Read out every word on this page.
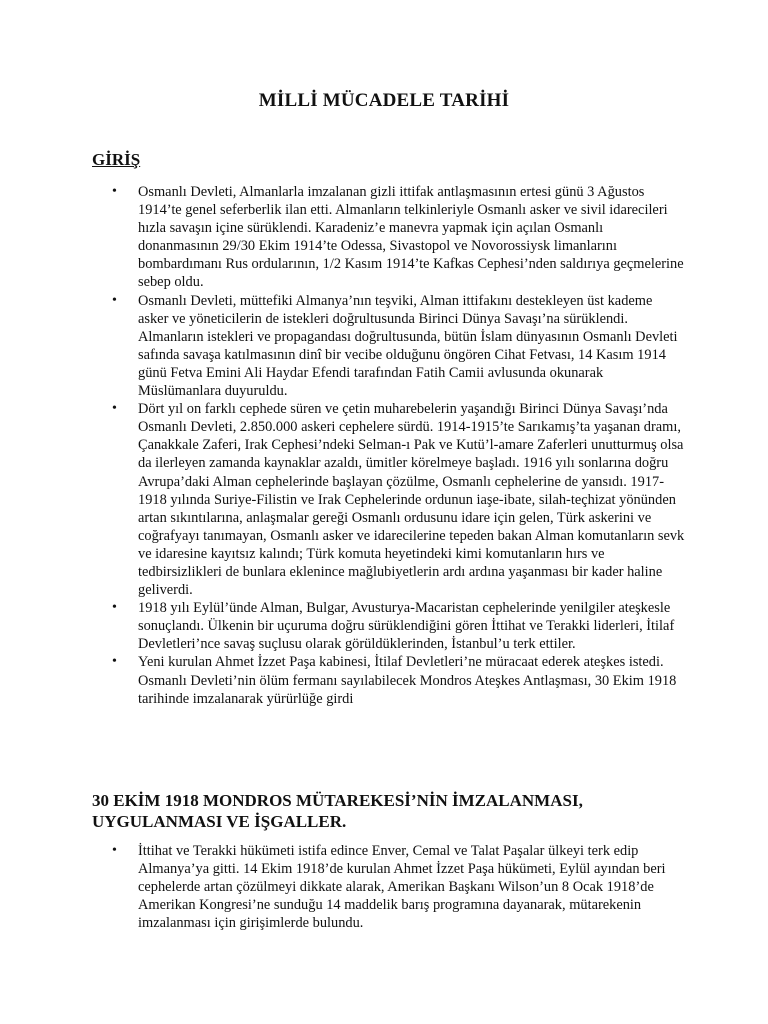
MİLLİ MÜCADELE TARİHİ
GİRİŞ
• Osmanlı Devleti, Almanlarla imzalanan gizli ittifak antlaşmasının ertesi günü 3 Ağustos 1914’te genel seferberlik ilan etti. Almanların telkinleriyle Osmanlı asker ve sivil idarecileri hızla savaşın içine sürüklendi. Karadeniz’e manevra yapmak için açılan Osmanlı donanmasının 29/30 Ekim 1914’te Odessa, Sivastopol ve Novorossiysk limanlarını bombardımanı Rus ordularının, 1/2 Kasım 1914’te Kafkas Cephesi’nden saldırıya geçmelerine sebep oldu.
• Osmanlı Devleti, müttefiki Almanya’nın teşviki, Alman ittifakını destekleyen üst kademe asker ve yöneticilerin de istekleri doğrultusunda Birinci Dünya Savaşı’na sürüklendi. Almanların istekleri ve propagandası doğrultusunda, bütün İslam dünyasının Osmanlı Devleti safında savaşa katılmasının dinî bir vecibe olduğunu öngören Cihat Fetvası, 14 Kasım 1914 günü Fetva Emini Ali Haydar Efendi tarafından Fatih Camii avlusunda okunarak Müslümanlara duyuruldu.
• Dört yıl on farklı cephede süren ve çetin muharebelerin yaşandığı Birinci Dünya Savaşı’nda Osmanlı Devleti, 2.850.000 askeri cephelere sürdü. 1914-1915’te Sarıkamış’ta yaşanan dramı, Çanakkale Zaferi, Irak Cephesi’ndeki Selman-ı Pak ve Kutü’l-amare Zaferleri unutturmuş olsa da ilerleyen zamanda kaynaklar azaldı, ümitler körelmeye başladı. 1916 yılı sonlarına doğru Avrupa’daki Alman cephelerinde başlayan çözülme, Osmanlı cephelerine de yansıdı. 1917-1918 yılında Suriye-Filistin ve Irak Cephelerinde ordunun iaşe-ibate, silah-teçhizat yönünden artan sıkıntılarına, anlaşmalar gereği Osmanlı ordusunu idare için gelen, Türk askerini ve coğrafyayı tanımayan, Osmanlı asker ve idarecilerine tepeden bakan Alman komutanların sevk ve idaresine kayıtsız kalındı; Türk komuta heyetindeki kimi komutanların hırs ve tedbirsizlikleri de bunlara eklenince mağlubiyetlerin ardı ardına yaşanması bir kader haline geliverdi.
• 1918 yılı Eylül’ünde Alman, Bulgar, Avusturya-Macaristan cephelerinde yenilgiler ateşkesle sonuçlandı. Ülkenin bir uçuruma doğru sürüklendiğini gören İttihat ve Terakki liderleri, İtilaf Devletleri’nce savaş suçlusu olarak görüldüklerinden, İstanbul’u terk ettiler.
• Yeni kurulan Ahmet İzzet Paşa kabinesi, İtilaf Devletleri’ne müracaat ederek ateşkes istedi. Osmanlı Devleti’nin ölüm fermanı sayılabilecek Mondros Ateşkes Antlaşması, 30 Ekim 1918 tarihinde imzalanarak yürürlüğe girdi
30 EKİM 1918 MONDROS MÜTAREKESİ’NİN İMZALANMASI, UYGULANMASI VE İŞGALLER.
• İttihat ve Terakki hükümeti istifa edince Enver, Cemal ve Talat Paşalar ülkeyi terk edip Almanya’ya gitti. 14 Ekim 1918’de kurulan Ahmet İzzet Paşa hükümeti, Eylül ayından beri cephelerde artan çözülmeyi dikkate alarak, Amerikan Başkanı Wilson’un 8 Ocak 1918’de Amerikan Kongresi’ne sunduğu 14 maddelik barış programına dayanarak, mütarekenin imzalanması için girişimlerde bulundu.
